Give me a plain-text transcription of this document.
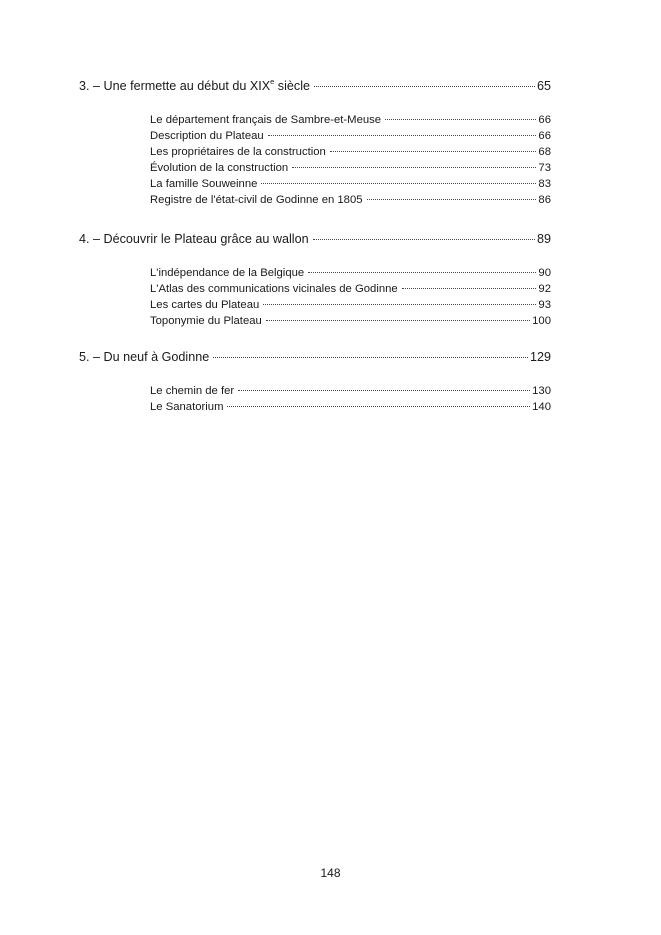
3. – Une fermette au début du XIXe siècle	65
Le département français de Sambre-et-Meuse	66
Description du Plateau	66
Les propriétaires de la construction	68
Évolution de la construction	73
La famille Souweinne	83
Registre de l'état-civil de Godinne en 1805	86
4. – Découvrir le Plateau grâce au wallon	89
L'indépendance de la Belgique	90
L'Atlas des communications vicinales de Godinne	92
Les cartes du Plateau	93
Toponymie du Plateau	100
5. – Du neuf à Godinne	129
Le chemin de fer	130
Le Sanatorium	140
148
